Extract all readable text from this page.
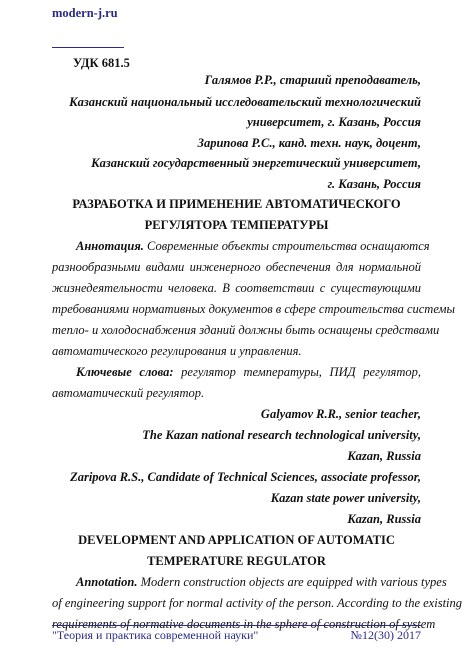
modern-j.ru
УДК 681.5
Галямов Р.Р., старший преподаватель,
Казанский национальный исследовательский технологический
университет, г. Казань, Россия
Зарипова Р.С., канд. техн. наук, доцент,
Казанский государственный энергетический университет,
г. Казань, Россия
РАЗРАБОТКА И ПРИМЕНЕНИЕ АВТОМАТИЧЕСКОГО
РЕГУЛЯТОРА ТЕМПЕРАТУРЫ
Аннотация. Современные объекты строительства оснащаются
разнообразными видами инженерного обеспечения для нормальной
жизнедеятельности человека. В соответствии с существующими
требованиями нормативных документов в сфере строительства системы
тепло- и холодоснабжения зданий должны быть оснащены средствами
автоматического регулирования и управления.
Ключевые слова: регулятор температуры, ПИД регулятор,
автоматический регулятор.
Galyamov R.R., senior teacher,
The Kazan national research technological university,
Kazan, Russia
Zaripova R.S., Candidate of Technical Sciences, associate professor,
Kazan state power university,
Kazan, Russia
DEVELOPMENT AND APPLICATION OF AUTOMATIC
TEMPERATURE REGULATOR
Annotation. Modern construction objects are equipped with various types
of engineering support for normal activity of the person. According to the existing
requirements of normative documents in the sphere of construction of system
"Теория и практика современной науки"	№12(30) 2017
